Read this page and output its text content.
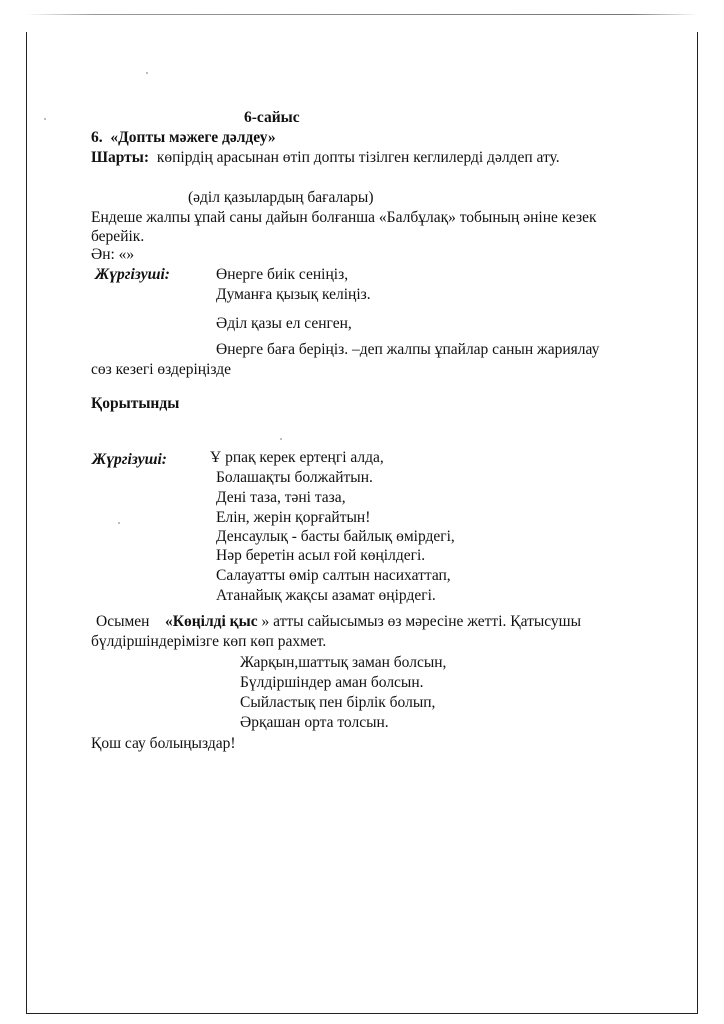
6-сайыс
6. «Допты мәжеге дәлдеу»
Шарты: көпірдің арасынан өтіп допты тізілген кеглилерді дәлдеп ату.
(әділ қазылардың бағалары)
Ендеше жалпы ұпай саны дайын болғанша «Балбұлақ» тобының әніне кезек
берейік.
Ән: «»
Жүргізуші:	Өнерге биік сеніңіз,
Думанға қызық келіңіз.
Әділ қазы ел сенген,
Өнерге баға беріңіз. –деп жалпы ұпайлар санын жариялау
сөз кезегі өздеріңізде
Қорытынды
Жүргізуші:	Ұ рпақ керек ертеңгі алда,
Болашақты болжайтын.
Дені таза, тәні таза,
Елін, жерін қорғайтын!
Денсаулық - басты байлық өмірдегі,
Нәр беретін асыл ғой көңілдегі.
Салауатты өмір салтын насихаттап,
Атанайық жақсы азамат өңірдегі.
Осымен «Көңілді қыс » атты сайысымыз өз мәресіне жетті. Қатысушы
бүлдіршіндерімізге көп көп рахмет.
Жарқын,шаттық заман болсын,
Бүлдіршіндер аман болсын.
Сыйластық пен бірлік болып,
Әрқашан орта толсын.
Қош сау болыңыздар!
